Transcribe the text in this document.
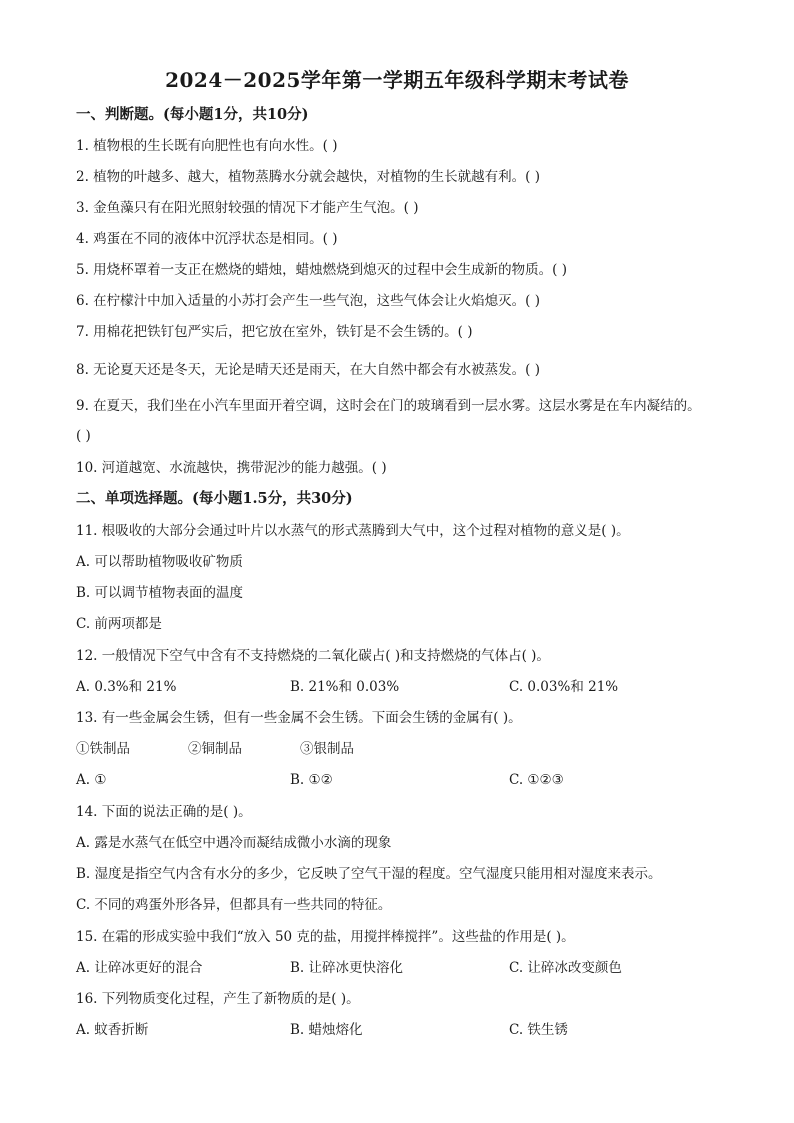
2024－2025学年第一学期五年级科学期末考试卷
一、判断题。(每小题1分，共10分)
1. 植物根的生长既有向肥性也有向水性。( )
2. 植物的叶越多、越大，植物蒸腾水分就会越快，对植物的生长就越有利。( )
3. 金鱼藻只有在阳光照射较强的情况下才能产生气泡。( )
4. 鸡蛋在不同的液体中沉浮状态是相同。( )
5. 用烧杯罩着一支正在燃烧的蜡烛，蜡烛燃烧到熄灭的过程中会生成新的物质。( )
6. 在柠檬汁中加入适量的小苏打会产生一些气泡，这些气体会让火焰熄灭。( )
7. 用棉花把铁钉包严实后，把它放在室外，铁钉是不会生锈的。( )
8. 无论夏天还是冬天，无论是晴天还是雨天，在大自然中都会有水被蒸发。( )
9. 在夏天，我们坐在小汽车里面开着空调，这时会在门的玻璃看到一层水雾。这层水雾是在车内凝结的。
( )
10. 河道越宽、水流越快，携带泥沙的能力越强。( )
二、单项选择题。(每小题1.5分，共30分)
11. 根吸收的大部分会通过叶片以水蒸气的形式蒸腾到大气中，这个过程对植物的意义是( )。
A. 可以帮助植物吸收矿物质
B. 可以调节植物表面的温度
C. 前两项都是
12. 一般情况下空气中含有不支持燃烧的二氧化碳占( )和支持燃烧的气体占( )。
A. 0.3%和 21%	B. 21%和 0.03%	C. 0.03%和 21%
13. 有一些金属会生锈，但有一些金属不会生锈。下面会生锈的金属有( )。
①铁制品	②铜制品	③银制品
A. ①	B. ①②	C. ①②③
14. 下面的说法正确的是( )。
A. 露是水蒸气在低空中遇冷而凝结成微小水滴的现象
B. 湿度是指空气内含有水分的多少，它反映了空气干湿的程度。空气湿度只能用相对湿度来表示。
C. 不同的鸡蛋外形各异，但都具有一些共同的特征。
15. 在霜的形成实验中我们“放入 50 克的盐，用搅拌棒搅拌”。这些盐的作用是( )。
A. 让碎冰更好的混合	B. 让碎冰更快溶化	C. 让碎冰改变颜色
16. 下列物质变化过程，产生了新物质的是( )。
A. 蚊香折断	B. 蜡烛熔化	C. 铁生锈
